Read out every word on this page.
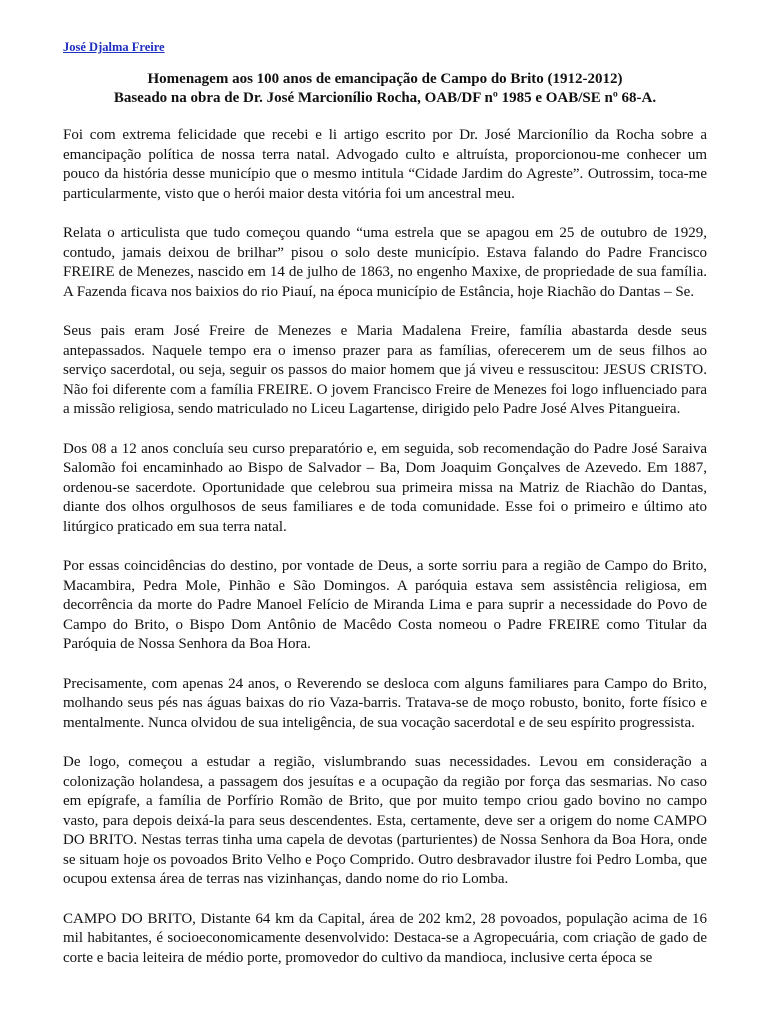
José Djalma Freire
Homenagem aos 100 anos de emancipação de Campo do Brito (1912-2012)
Baseado na obra de Dr. José Marcionílio Rocha, OAB/DF nº 1985 e OAB/SE nº 68-A.

Foi com extrema felicidade que recebi e li artigo escrito por Dr. José Marcionílio da Rocha sobre a emancipação política de nossa terra natal. Advogado culto e altruísta, proporcionou-me conhecer um pouco da história desse município que o mesmo intitula “Cidade Jardim do Agreste”. Outrossim, toca-me particularmente, visto que o herói maior desta vitória foi um ancestral meu.

Relata o articulista que tudo começou quando “uma estrela que se apagou em 25 de outubro de 1929, contudo, jamais deixou de brilhar” pisou o solo deste município. Estava falando do Padre Francisco FREIRE de Menezes, nascido em 14 de julho de 1863, no engenho Maxixe, de propriedade de sua família. A Fazenda ficava nos baixios do rio Piauí, na época município de Estância, hoje Riachão do Dantas – Se.

Seus pais eram José Freire de Menezes e Maria Madalena Freire, família abastarda desde seus antepassados. Naquele tempo era o imenso prazer para as famílias, oferecerem um de seus filhos ao serviço sacerdotal, ou seja, seguir os passos do maior homem que já viveu e ressuscitou: JESUS CRISTO. Não foi diferente com a família FREIRE. O jovem Francisco Freire de Menezes foi logo influenciado para a missão religiosa, sendo matriculado no Liceu Lagartense, dirigido pelo Padre José Alves Pitangueira.

Dos 08 a 12 anos concluía seu curso preparatório e, em seguida, sob recomendação do Padre José Saraiva Salomão foi encaminhado ao Bispo de Salvador – Ba, Dom Joaquim Gonçalves de Azevedo. Em 1887, ordenou-se sacerdote. Oportunidade que celebrou sua primeira missa na Matriz de Riachão do Dantas, diante dos olhos orgulhosos de seus familiares e de toda comunidade. Esse foi o primeiro e último ato litúrgico praticado em sua terra natal.

Por essas coincidências do destino, por vontade de Deus, a sorte sorriu para a região de Campo do Brito, Macambira, Pedra Mole, Pinhão e São Domingos. A paróquia estava sem assistência religiosa, em decorrência da morte do Padre Manoel Felício de Miranda Lima e para suprir a necessidade do Povo de Campo do Brito, o Bispo Dom Antônio de Macêdo Costa nomeou o Padre FREIRE como Titular da Paróquia de Nossa Senhora da Boa Hora.

Precisamente, com apenas 24 anos, o Reverendo se desloca com alguns familiares para Campo do Brito, molhando seus pés nas águas baixas do rio Vaza-barris. Tratava-se de moço robusto, bonito, forte físico e mentalmente. Nunca olvidou de sua inteligência, de sua vocação sacerdotal e de seu espírito progressista.

De logo, começou a estudar a região, vislumbrando suas necessidades. Levou em consideração a colonização holandesa, a passagem dos jesuítas e a ocupação da região por força das sesmarias. No caso em epígrafe, a família de Porfírio Romão de Brito, que por muito tempo criou gado bovino no campo vasto, para depois deixá-la para seus descendentes. Esta, certamente, deve ser a origem do nome CAMPO DO BRITO. Nestas terras tinha uma capela de devotas (parturientes) de Nossa Senhora da Boa Hora, onde se situam hoje os povoados Brito Velho e Poço Comprido. Outro desbravador ilustre foi Pedro Lomba, que ocupou extensa área de terras nas vizinhanças, dando nome do rio Lomba.

CAMPO DO BRITO, Distante 64 km da Capital, área de 202 km2, 28 povoados, população acima de 16 mil habitantes, é socioeconomicamente desenvolvido: Destaca-se a Agropecuária, com criação de gado de corte e bacia leiteira de médio porte, promovedor do cultivo da mandioca, inclusive certa época se
